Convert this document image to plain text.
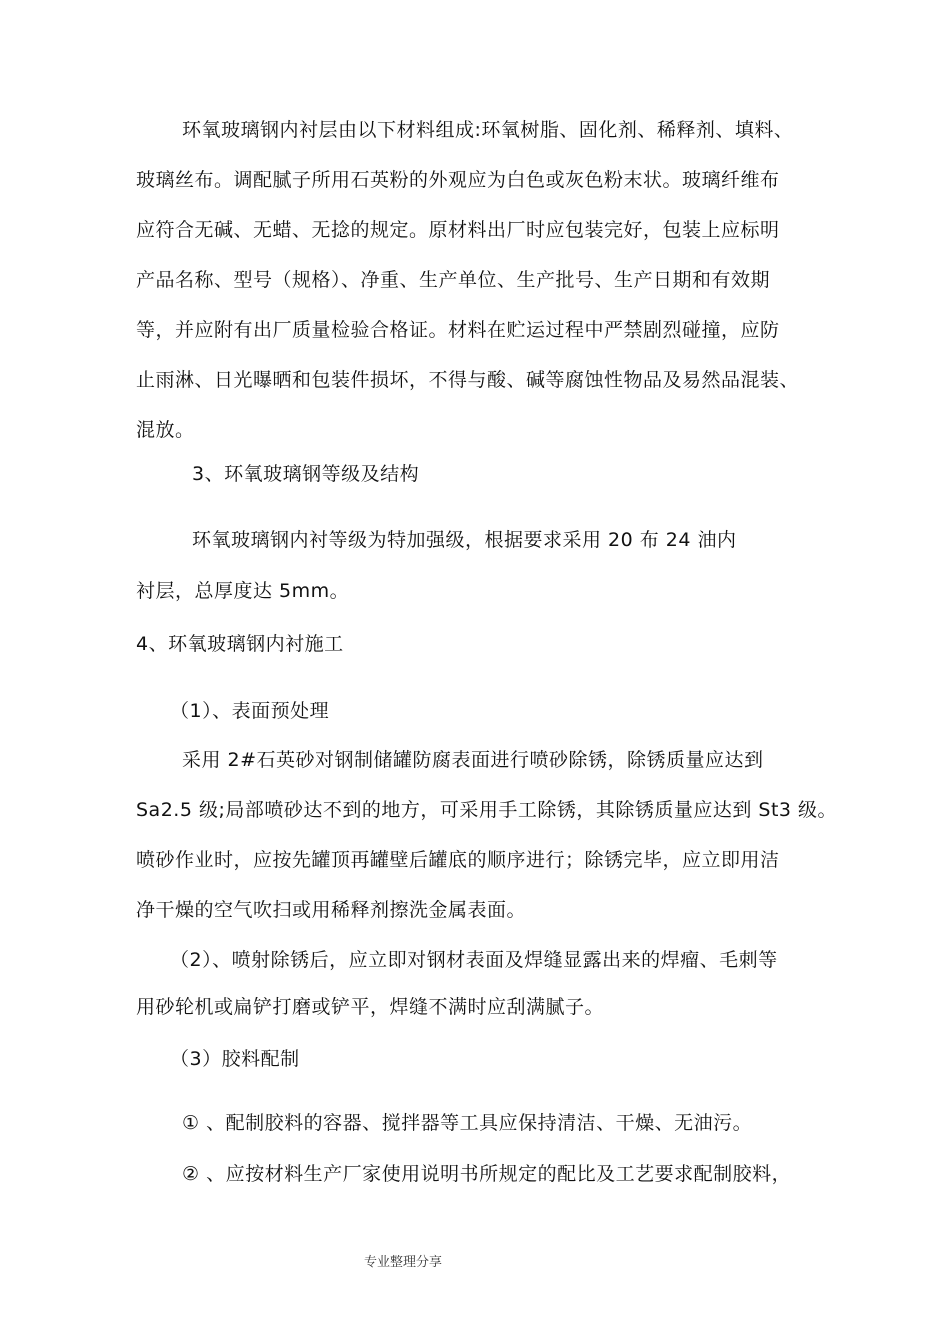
环氧玻璃钢内衬层由以下材料组成:环氧树脂、固化剂、稀释剂、填料、
玻璃丝布。调配腻子所用石英粉的外观应为白色或灰色粉末状。玻璃纤维布
应符合无碱、无蜡、无捻的规定。原材料出厂时应包装完好，包装上应标明
产品名称、型号（规格）、净重、生产单位、生产批号、生产日期和有效期
等，并应附有出厂质量检验合格证。材料在贮运过程中严禁剧烈碰撞，应防
止雨淋、日光曝晒和包装件损坏，不得与酸、碱等腐蚀性物品及易然品混装、
混放。
3、环氧玻璃钢等级及结构
环氧玻璃钢内衬等级为特加强级，根据要求采用 20 布 24 油内
衬层，总厚度达 5mm。
4、环氧玻璃钢内衬施工
（1）、表面预处理
采用 2#石英砂对钢制储罐防腐表面进行喷砂除锈，除锈质量应达到
Sa2.5 级;局部喷砂达不到的地方，可采用手工除锈，其除锈质量应达到 St3 级。
喷砂作业时，应按先罐顶再罐壁后罐底的顺序进行；除锈完毕，应立即用洁
净干燥的空气吹扫或用稀释剂擦洗金属表面。
（2）、喷射除锈后，应立即对钢材表面及焊缝显露出来的焊瘤、毛刺等
用砂轮机或扁铲打磨或铲平，焊缝不满时应刮满腻子。
（3）胶料配制
① 、配制胶料的容器、搅拌器等工具应保持清洁、干燥、无油污。
② 、应按材料生产厂家使用说明书所规定的配比及工艺要求配制胶料，
专业整理分享
